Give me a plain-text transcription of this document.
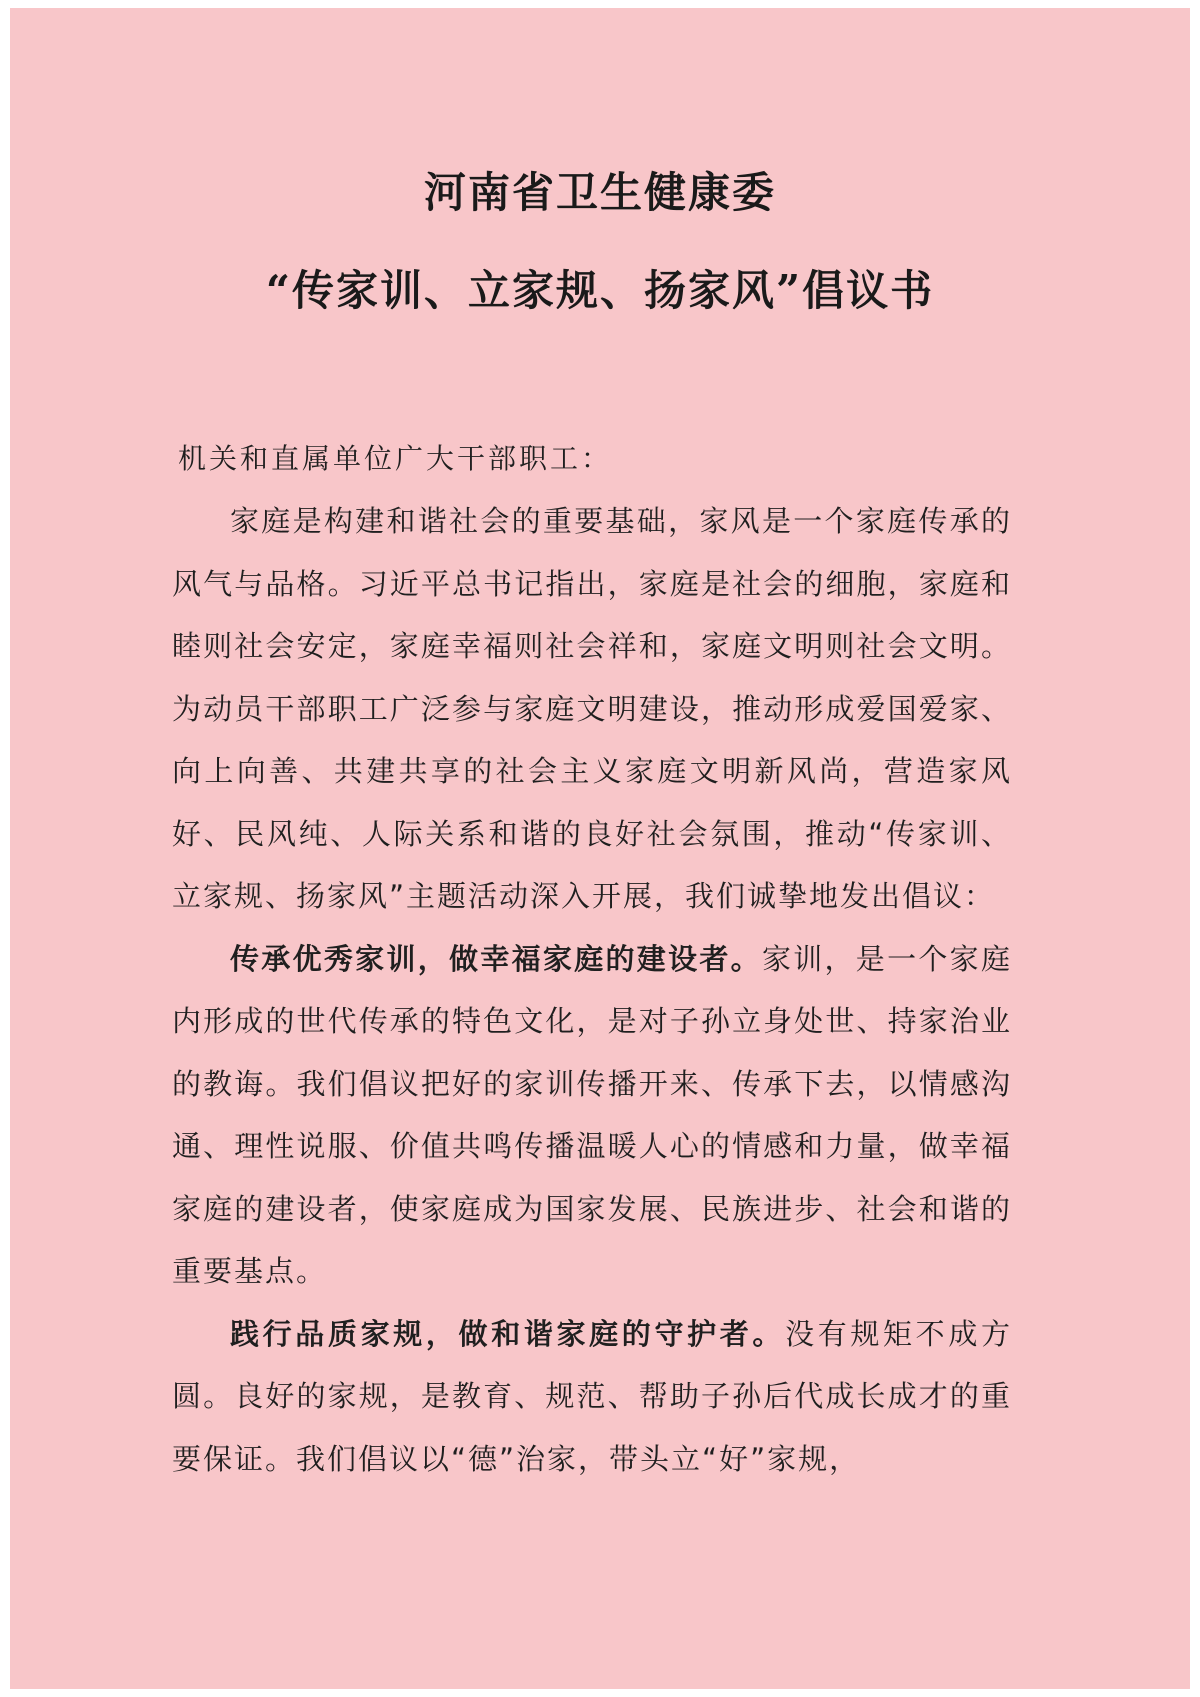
河南省卫生健康委
“传家训、立家规、扬家风”倡议书
机关和直属单位广大干部职工：

家庭是构建和谐社会的重要基础，家风是一个家庭传承的风气与品格。习近平总书记指出，家庭是社会的细胞，家庭和睦则社会安定，家庭幸福则社会祥和，家庭文明则社会文明。为动员干部职工广泛参与家庭文明建设，推动形成爱国爱家、向上向善、共建共享的社会主义家庭文明新风尚，营造家风好、民风纯、人际关系和谐的良好社会氛围，推动“传家训、立家规、扬家风”主题活动深入开展，我们诚挚地发出倡议：

传承优秀家训，做幸福家庭的建设者。家训，是一个家庭内形成的世代传承的特色文化，是对子孙立身处世、持家治业的教诲。我们倡议把好的家训传播开来、传承下去，以情感沟通、理性说服、价值共鸣传播温暖人心的情感和力量，做幸福家庭的建设者，使家庭成为国家发展、民族进步、社会和谐的重要基点。

践行品质家规，做和谐家庭的守护者。没有规矩不成方圆。良好的家规，是教育、规范、帮助子孙后代成长成才的重要保证。我们倡议以“德”治家，带头立“好”家规，
